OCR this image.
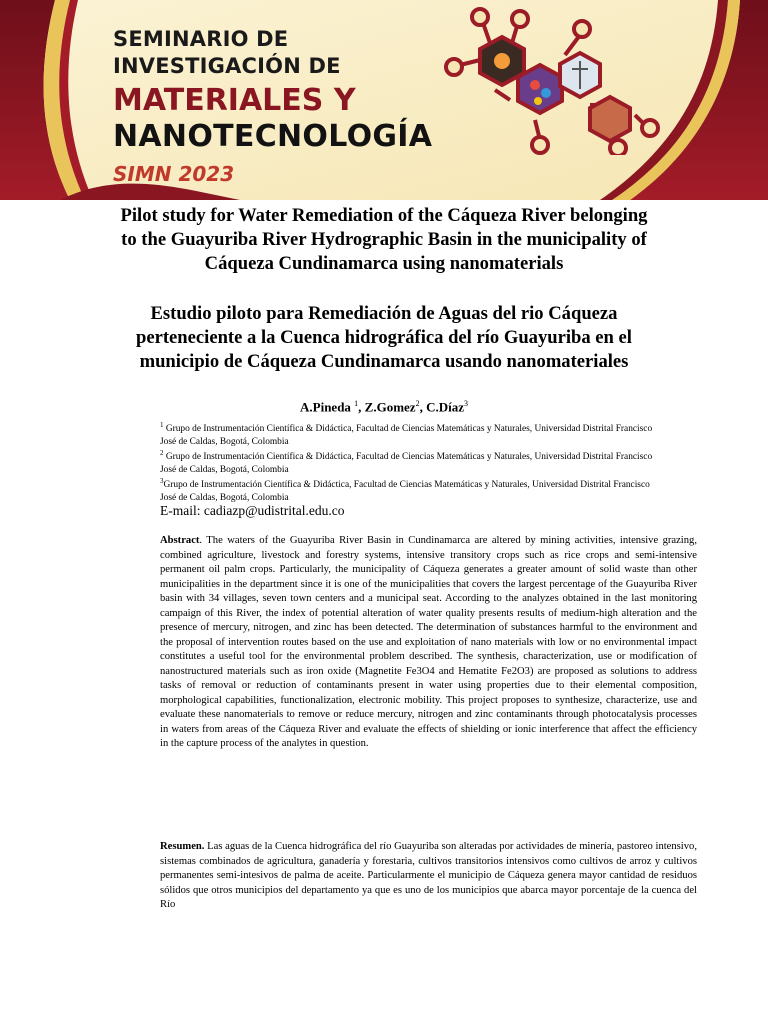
SEMINARIO DE
INVESTIGACIÓN DE
MATERIALES Y
NANOTECNOLOGÍA
SIMN 2023
Pilot study for Water Remediation of the Cáqueza River belonging
to the Guayuriba River Hydrographic Basin in the municipality of
Cáqueza Cundinamarca using nanomaterials
Estudio piloto para Remediación de Aguas del rio Cáqueza
perteneciente a la Cuenca hidrográfica del río Guayuriba en el
municipio de Cáqueza Cundinamarca usando nanomateriales
A.Pineda $^1$, Z.Gomez$^2$, C.Díaz$^3$
$^1$ Grupo de Instrumentación Científica & Didáctica, Facultad de Ciencias Matemáticas y Naturales, Universidad Distrital Francisco
José de Caldas, Bogotá, Colombia
$^2$ Grupo de Instrumentación Científica & Didáctica, Facultad de Ciencias Matemáticas y Naturales, Universidad Distrital Francisco
José de Caldas, Bogotá, Colombia
$^3$Grupo de Instrumentación Científica & Didáctica, Facultad de Ciencias Matemáticas y Naturales, Universidad Distrital Francisco
José de Caldas, Bogotá, Colombia
E-mail: cadiazp@udistrital.edu.co

Abstract. The waters of the Guayuriba River Basin in Cundinamarca are altered by mining activities, intensive grazing, combined agriculture, livestock and forestry systems, intensive transitory crops such as rice crops and semi-intensive permanent oil palm crops. Particularly, the municipality of Cáqueza generates a greater amount of solid waste than other municipalities in the department since it is one of the municipalities that covers the largest percentage of the Guayuriba River basin with 34 villages, seven town centers and a municipal seat. According to the analyzes obtained in the last monitoring campaign of this River, the index of potential alteration of water quality presents results of medium-high alteration and the presence of mercury, nitrogen, and zinc has been detected. The determination of substances harmful to the environment and the proposal of intervention routes based on the use and exploitation of nano materials with low or no environmental impact constitutes a useful tool for the environmental problem described. The synthesis, characterization, use or modification of nanostructured materials such as iron oxide (Magnetite Fe3O4 and Hematite Fe2O3) are proposed as solutions to address tasks of removal or reduction of contaminants present in water using properties due to their elemental composition, morphological capabilities, functionalization, electronic mobility. This project proposes to synthesize, characterize, use and evaluate these nanomaterials to remove or reduce mercury, nitrogen and zinc contaminants through photocatalysis processes in waters from areas of the Cáqueza River and evaluate the effects of shielding or ionic interference that affect the efficiency in the capture process of the analytes in question.

Resumen. Las aguas de la Cuenca hidrográfica del río Guayuriba son alteradas por actividades de minería, pastoreo intensivo, sistemas combinados de agricultura, ganadería y forestaria, cultivos transitorios intensivos como cultivos de arroz y cultivos permanentes semi-intesivos de palma de aceite. Particularmente el municipio de Cáqueza genera mayor cantidad de residuos sólidos que otros municipios del departamento ya que es uno de los municipios que abarca mayor porcentaje de la cuenca del Río
